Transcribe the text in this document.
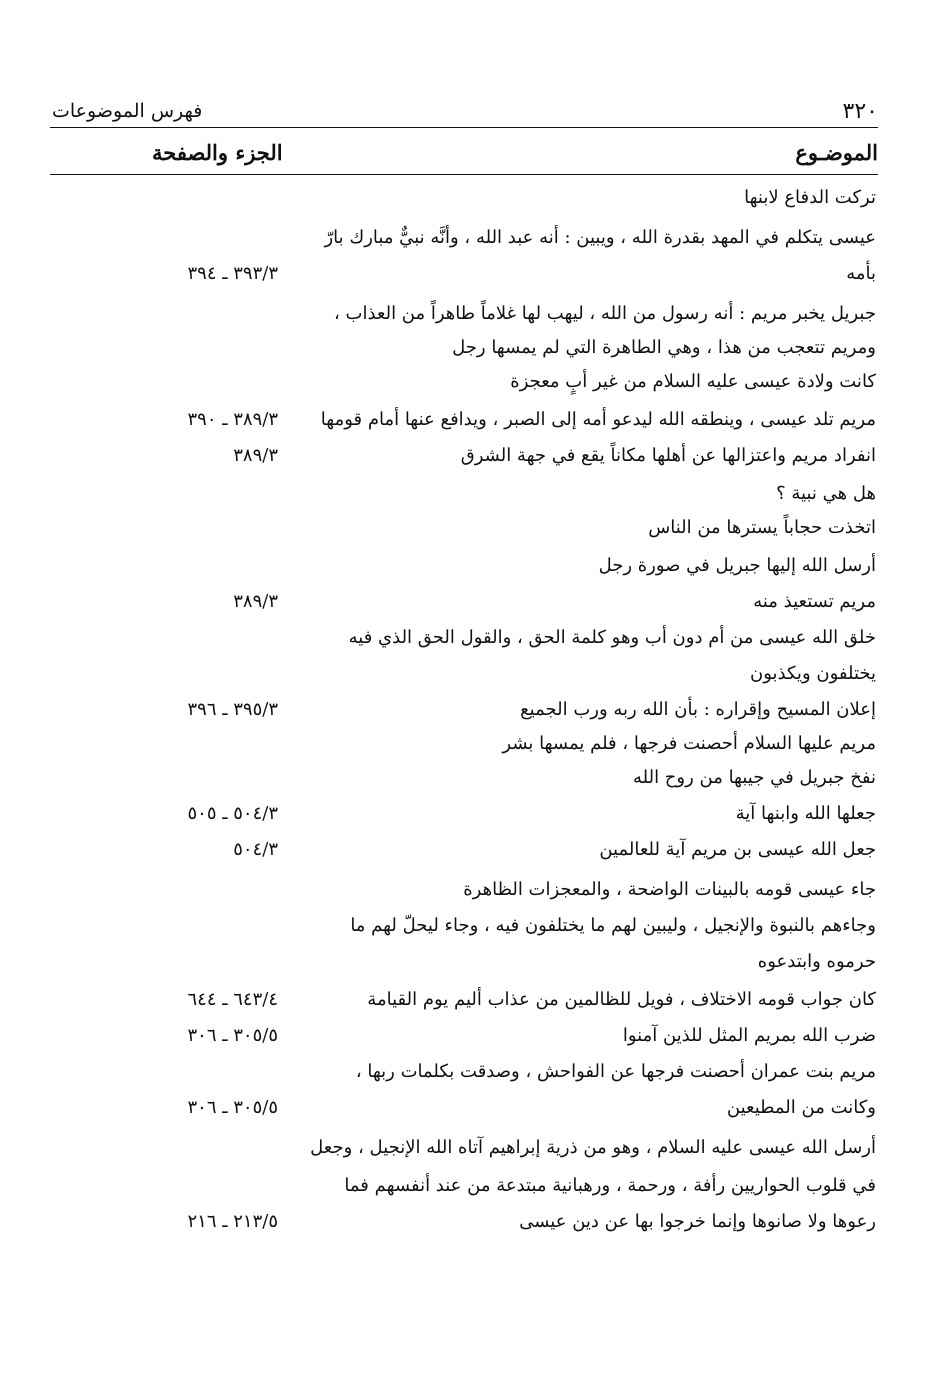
فهرس الموضوعات	٣٢٠
الجزء والصفحة	الموضـوع
تركت الدفاع لابنها
عيسى يتكلم في المهد بقدرة الله ، ويبين : أنه عبد الله ، وأنَّه نبيٌّ مبارك بارّ
بأمه
٣٩٣/٣ ـ ٣٩٤
جبريل يخبر مريم : أنه رسول من الله ، ليهب لها غلاماً طاهراً من العذاب ،
ومريم تتعجب من هذا ، وهي الطاهرة التي لم يمسها رجل
كانت ولادة عيسى عليه السلام من غير أبٍ معجزة
مريم تلد عيسى ، وينطقه الله ليدعو أمه إلى الصبر ، ويدافع عنها أمام قومها
٣٨٩/٣ ـ ٣٩٠
انفراد مريم واعتزالها عن أهلها مكاناً يقع في جهة الشرق
٣٨٩/٣
هل هي نبية ؟
اتخذت حجاباً يسترها من الناس
أرسل الله إليها جبريل في صورة رجل
مريم تستعيذ منه
٣٨٩/٣
خلق الله عيسى من أم دون أب وهو كلمة الحق ، والقول الحق الذي فيه
يختلفون ويكذبون
إعلان المسيح وإقراره : بأن الله ربه ورب الجميع
٣٩٥/٣ ـ ٣٩٦
مريم عليها السلام أحصنت فرجها ، فلم يمسها بشر
نفخ جبريل في جيبها من روح الله
جعلها الله وابنها آية
٥٠٤/٣ ـ ٥٠٥
جعل الله عيسى بن مريم آية للعالمين
٥٠٤/٣
جاء عيسى قومه بالبينات الواضحة ، والمعجزات الظاهرة
وجاءهم بالنبوة والإنجيل ، وليبين لهم ما يختلفون فيه ، وجاء ليحلّ لهم ما
حرموه وابتدعوه
كان جواب قومه الاختلاف ، فويل للظالمين من عذاب أليم يوم القيامة
٦٤٣/٤ ـ ٦٤٤
ضرب الله بمريم المثل للذين آمنوا
٣٠٥/٥ ـ ٣٠٦
مريم بنت عمران أحصنت فرجها عن الفواحش ، وصدقت بكلمات ربها ،
وكانت من المطيعين
٣٠٥/٥ ـ ٣٠٦
أرسل الله عيسى عليه السلام ، وهو من ذرية إبراهيم آتاه الله الإنجيل ، وجعل
في قلوب الحواريين رأفة ، ورحمة ، ورهبانية مبتدعة من عند أنفسهم فما
رعوها ولا صانوها وإنما خرجوا بها عن دين عيسى
٢١٣/٥ ـ ٢١٦
